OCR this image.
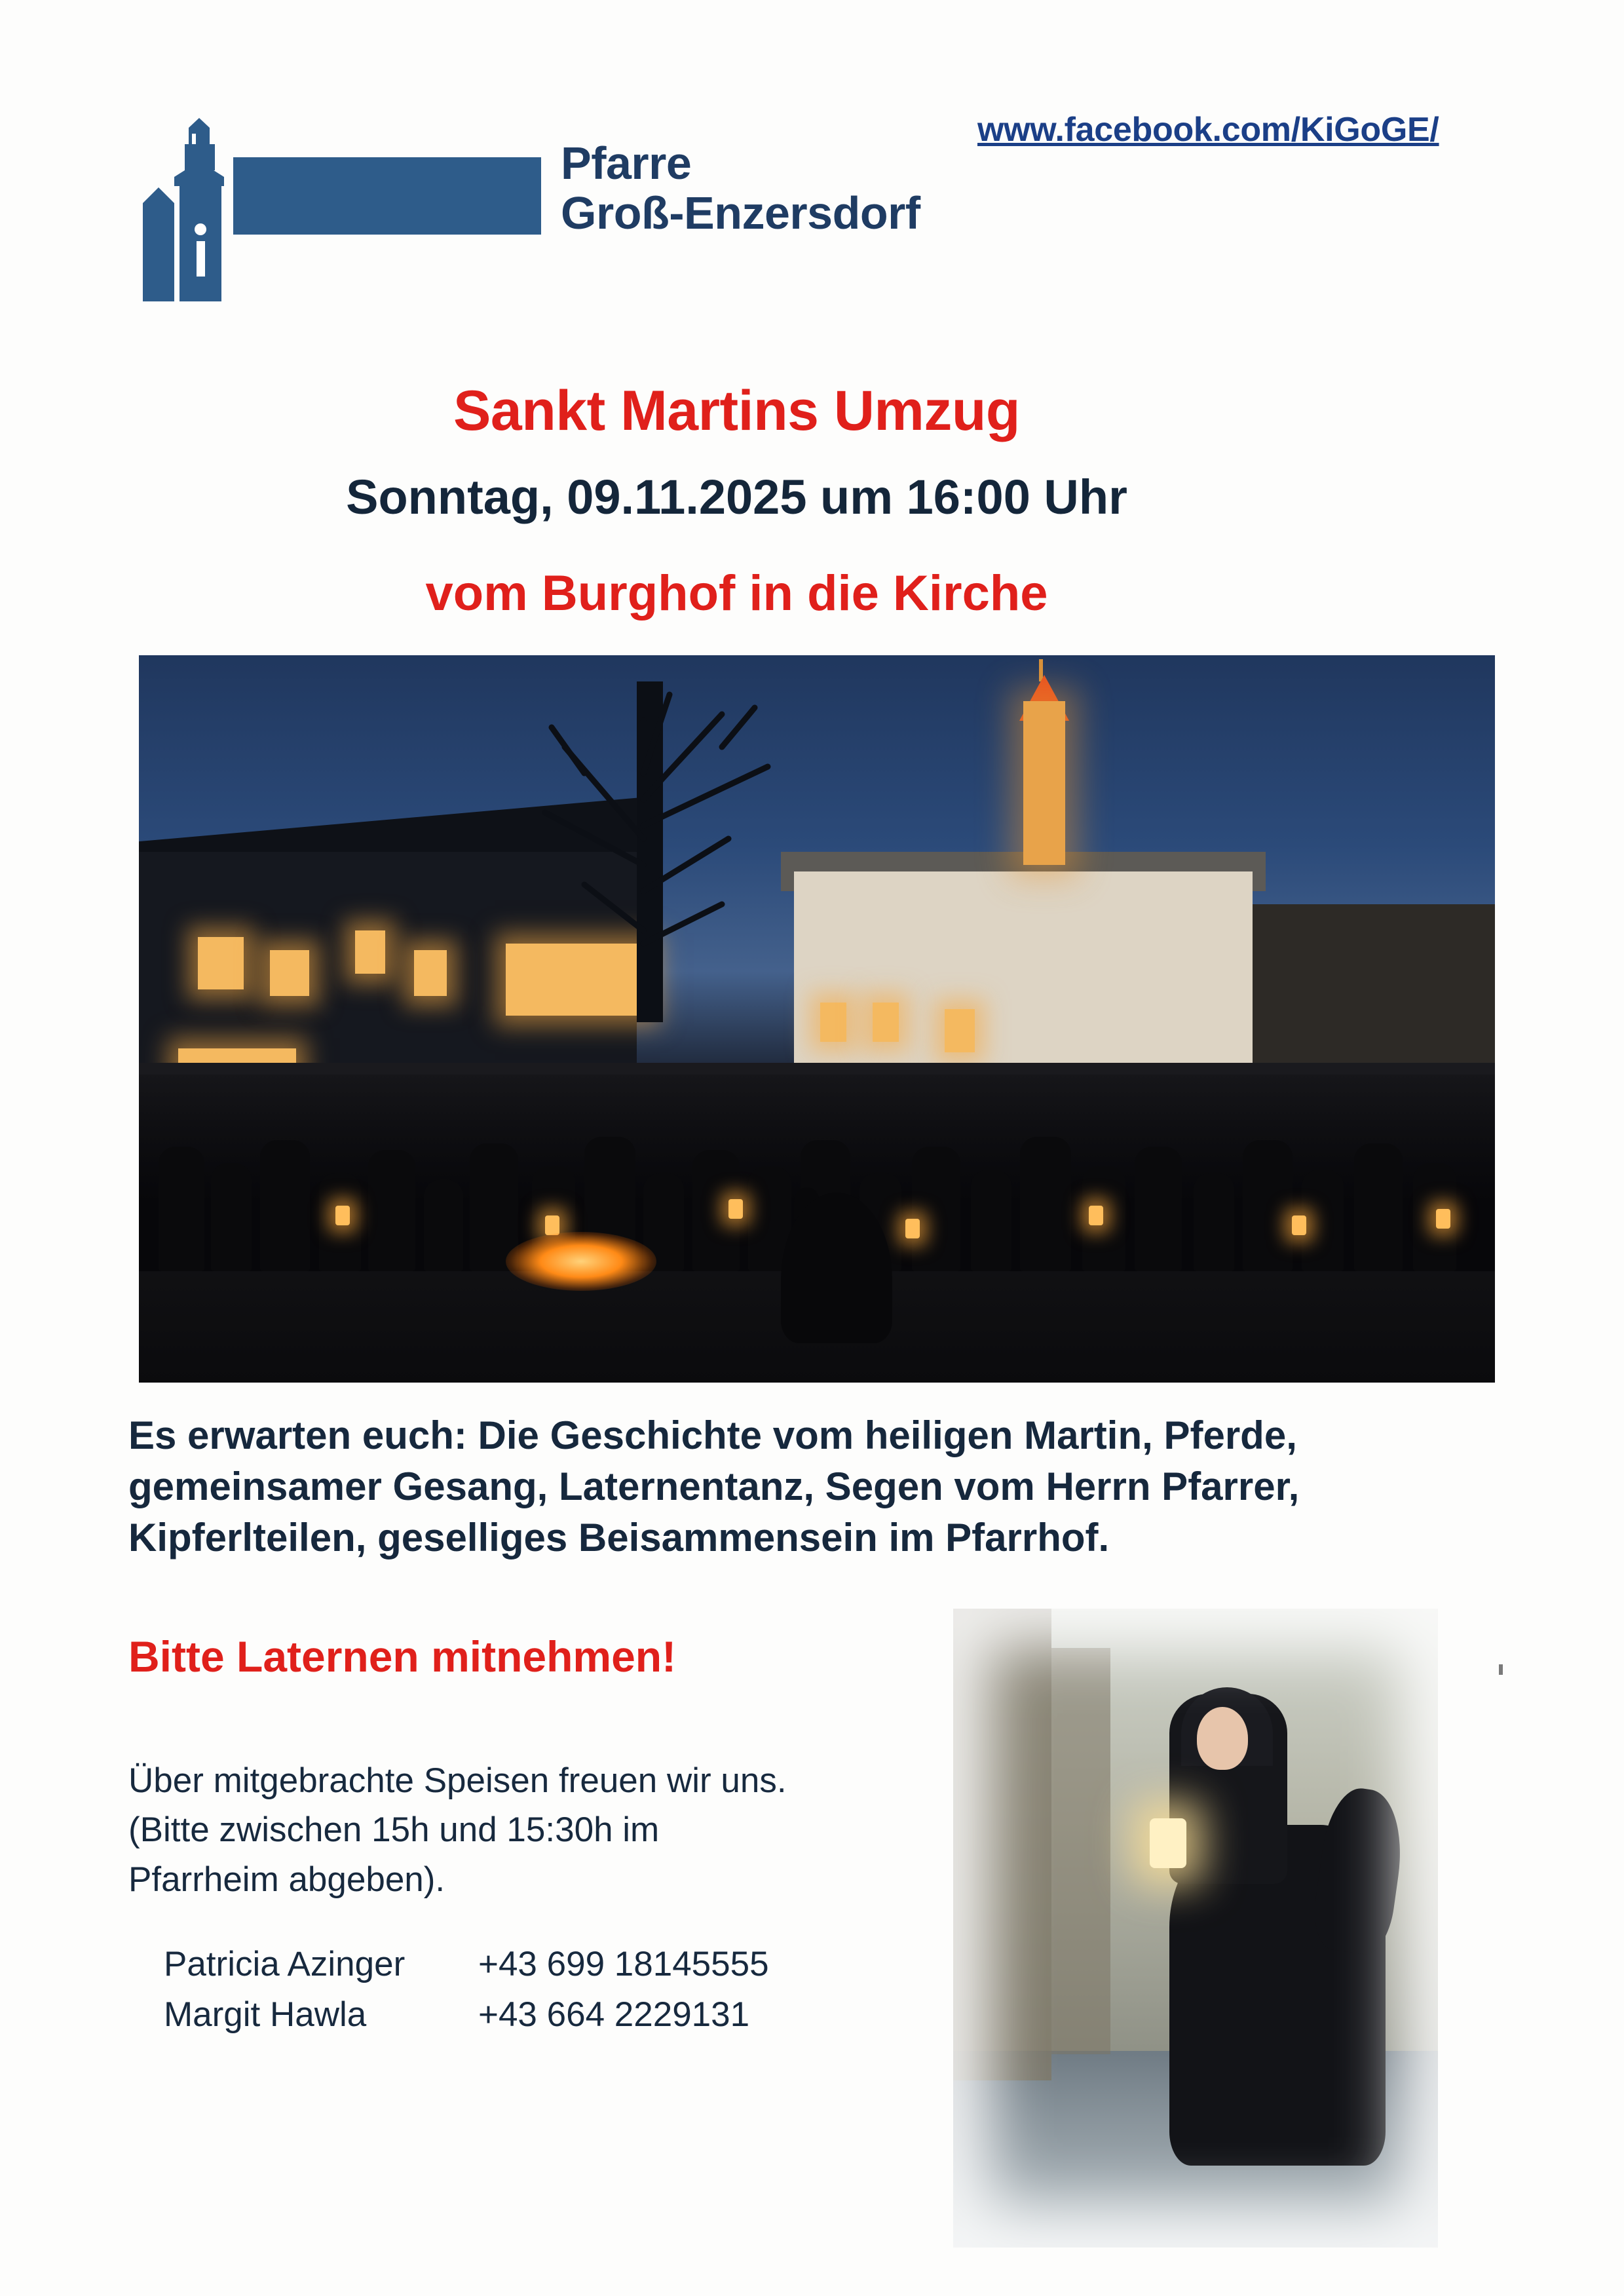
Pfarre
Groß-Enzersdorf
www.facebook.com/KiGoGE/
Sankt Martins Umzug
Sonntag, 09.11.2025 um 16:00 Uhr
vom Burghof in die Kirche
Es erwarten euch: Die Geschichte vom heiligen Martin, Pferde, gemeinsamer Gesang, Laternentanz, Segen vom Herrn Pfarrer, Kipferlteilen, geselliges Beisammensein im Pfarrhof.
Bitte Laternen mitnehmen!
Über mitgebrachte Speisen freuen wir uns.
(Bitte zwischen 15h und 15:30h im
Pfarrheim abgeben).
Patricia Azinger	+43 699 18145555
Margit Hawla	+43 664 2229131
